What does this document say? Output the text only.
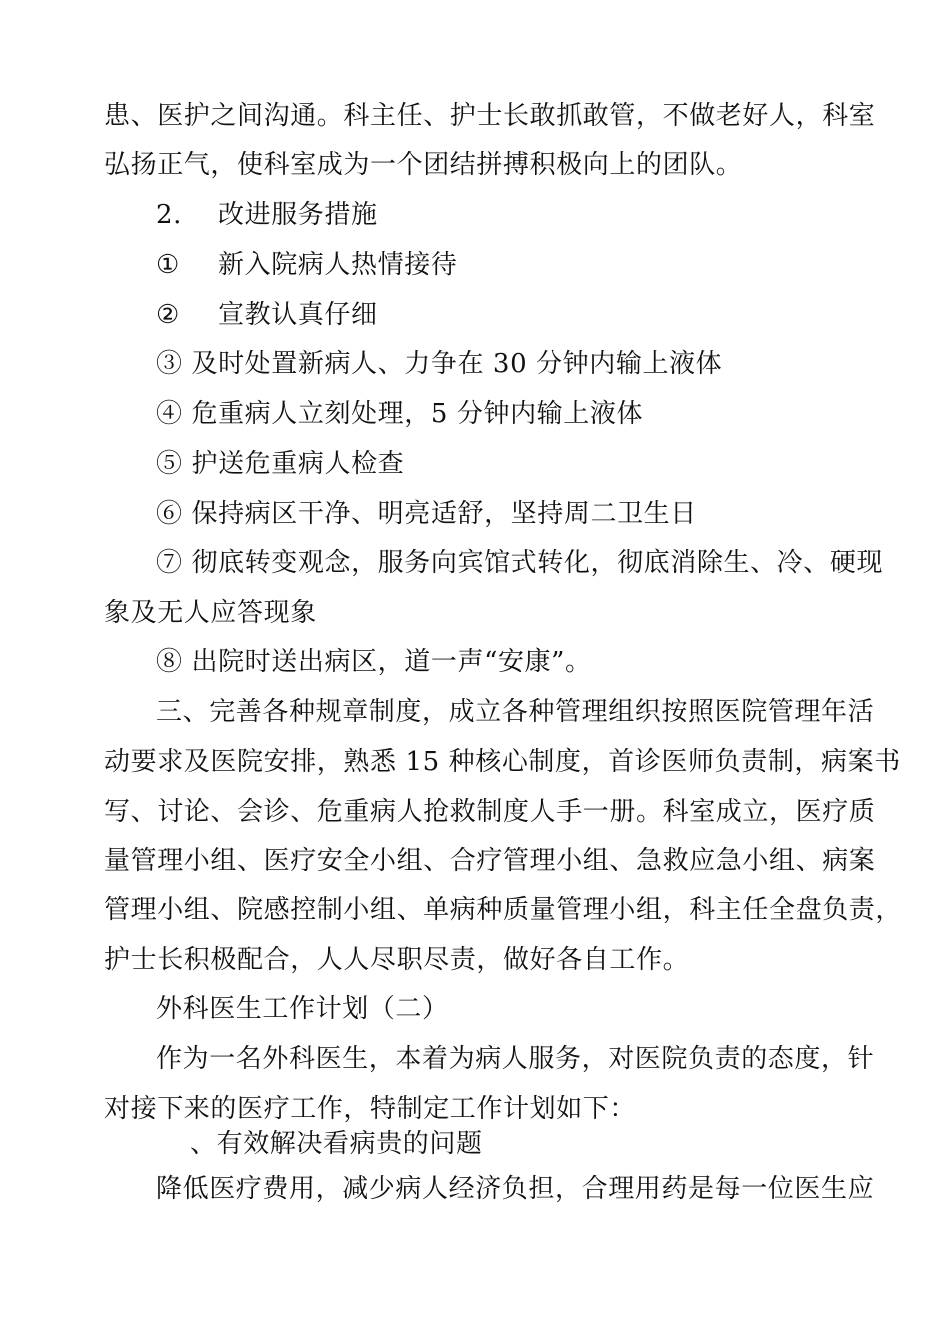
患、医护之间沟通。科主任、护士长敢抓敢管，不做老好人，科室
弘扬正气，使科室成为一个团结拼搏积极向上的团队。
2. 改进服务措施
① 新入院病人热情接待
② 宣教认真仔细
③ 及时处置新病人、力争在 30 分钟内输上液体
④ 危重病人立刻处理，5 分钟内输上液体
⑤ 护送危重病人检查
⑥ 保持病区干净、明亮适舒，坚持周二卫生日
⑦ 彻底转变观念，服务向宾馆式转化，彻底消除生、冷、硬现
象及无人应答现象
⑧ 出院时送出病区，道一声“安康”。
三、完善各种规章制度，成立各种管理组织按照医院管理年活
动要求及医院安排，熟悉 15 种核心制度，首诊医师负责制，病案书
写、讨论、会诊、危重病人抢救制度人手一册。科室成立，医疗质
量管理小组、医疗安全小组、合疗管理小组、急救应急小组、病案
管理小组、院感控制小组、单病种质量管理小组，科主任全盘负责，
护士长积极配合，人人尽职尽责，做好各自工作。
外科医生工作计划（二）
作为一名外科医生，本着为病人服务，对医院负责的态度，针
对接下来的医疗工作，特制定工作计划如下：
、有效解决看病贵的问题
降低医疗费用，减少病人经济负担，合理用药是每一位医生应
